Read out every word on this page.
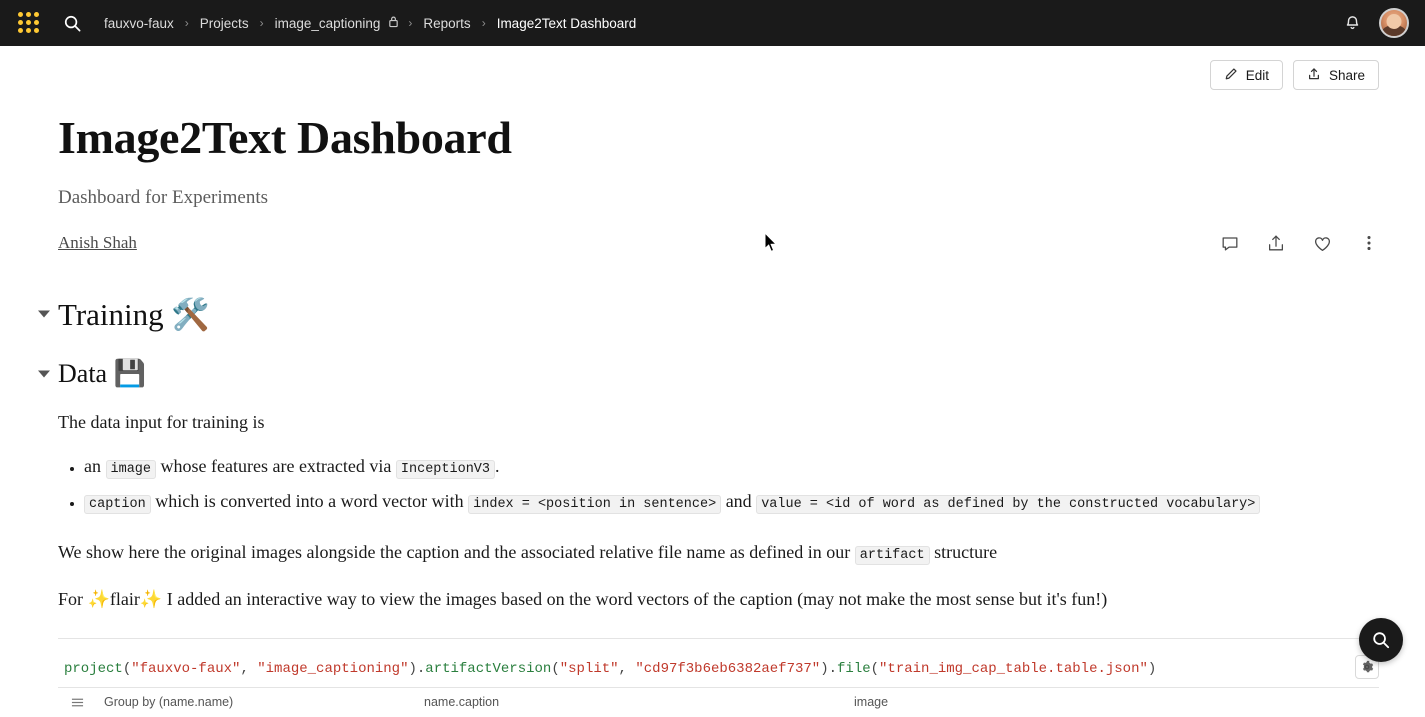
fauxvo-faux › Projects › image_captioning › Reports › Image2Text Dashboard
Edit	Share
Image2Text Dashboard
Dashboard for Experiments
Anish Shah
Training 🛠️
Data 💾

The data input for training is

• an image whose features are extracted via InceptionV3 .
• caption which is converted into a word vector with index = <position in sentence> and value = <id of word as defined by the constructed vocabulary>

We show here the original images alongside the caption and the associated relative file name as defined in our artifact structure

For ✨flair✨ I added an interactive way to view the images based on the word vectors of the caption (may not make the most sense but it's fun!)

project("fauxvo-faux", "image_captioning").artifactVersion("split", "cd97f3b6eb6382aef737").file("train_img_cap_table.table.json")
Group by (name.name)	name.caption	image
